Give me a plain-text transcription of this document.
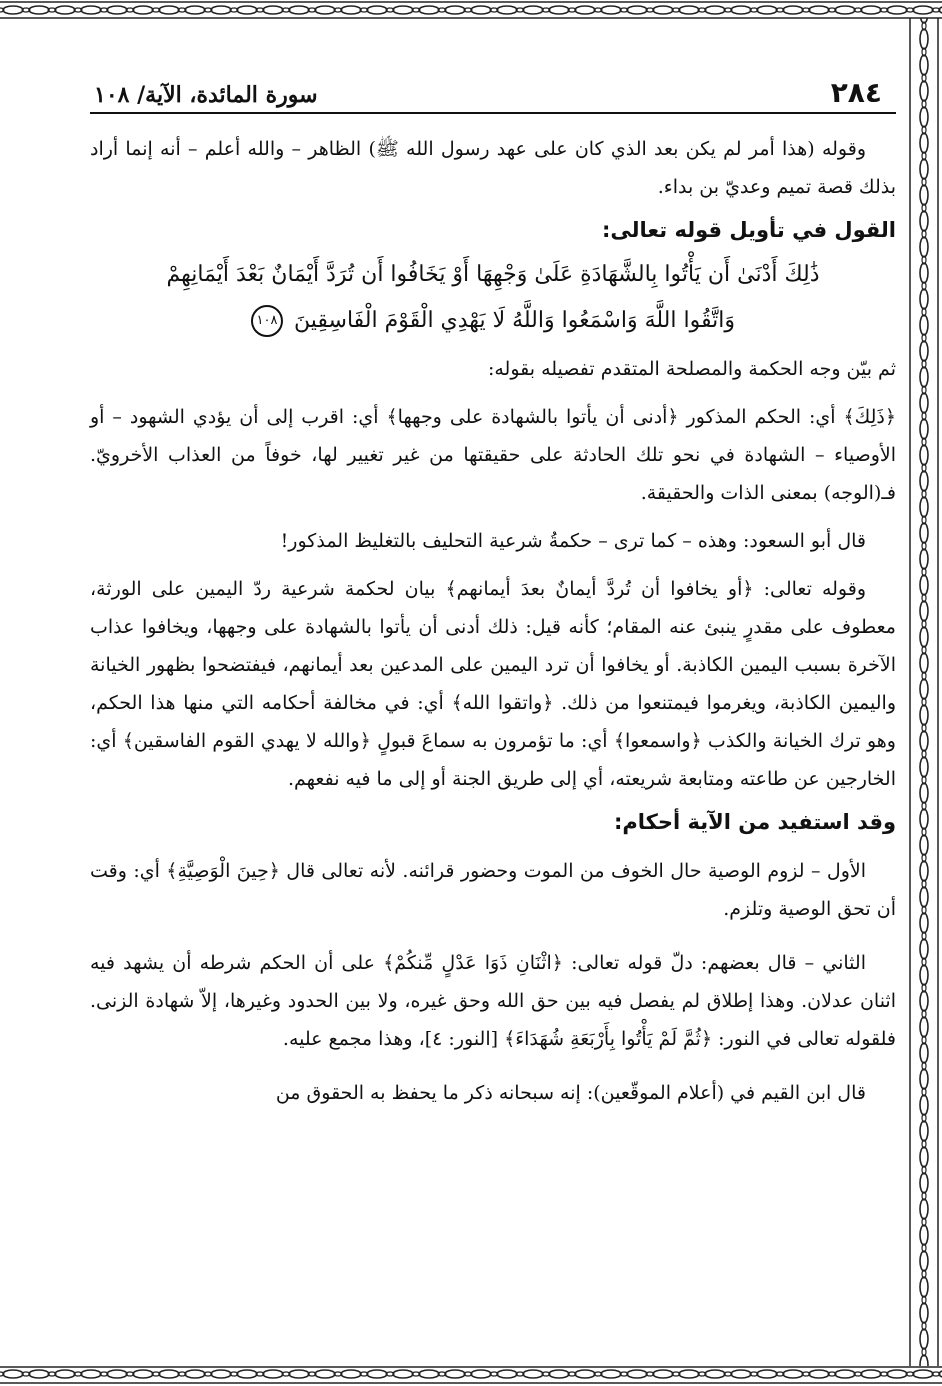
٢٨٤
سورة المائدة، الآية/ ١٠٨

وقوله (هذا أمر لم يكن بعد الذي كان على عهد رسول الله ﷺ) الظاهر – والله أعلم – أنه إنما أراد بذلك قصة تميم وعديّ بن بداء.

القول في تأويل قوله تعالى:

ذَٰلِكَ أَدْنَىٰ أَن يَأْتُوا بِالشَّهَادَةِ عَلَىٰ وَجْهِهَا أَوْ يَخَافُوا أَن تُرَدَّ أَيْمَانٌ بَعْدَ أَيْمَانِهِمْ

وَاتَّقُوا اللَّهَ وَاسْمَعُوا وَاللَّهُ لَا يَهْدِي الْقَوْمَ الْفَاسِقِينَ ١٠٨

ثم بيّن وجه الحكمة والمصلحة المتقدم تفصيله بقوله:

﴿ذَلِكَ﴾ أي: الحكم المذكور ﴿أدنى أن يأتوا بالشهادة على وجهها﴾ أي: اقرب إلى أن يؤدي الشهود – أو الأوصياء – الشهادة في نحو تلك الحادثة على حقيقتها من غير تغيير لها، خوفاً من العذاب الأخرويّ. فـ(الوجه) بمعنى الذات والحقيقة.

قال أبو السعود: وهذه – كما ترى – حكمةُ شرعية التحليف بالتغليظ المذكور!

وقوله تعالى: ﴿أو يخافوا أن تُردَّ أيمانٌ بعدَ أيمانهم﴾ بيان لحكمة شرعية ردّ اليمين على الورثة، معطوف على مقدرٍ ينبئ عنه المقام؛ كأنه قيل: ذلك أدنى أن يأتوا بالشهادة على وجهها، ويخافوا عذاب الآخرة بسبب اليمين الكاذبة. أو يخافوا أن ترد اليمين على المدعين بعد أيمانهم، فيفتضحوا بظهور الخيانة واليمين الكاذبة، ويغرموا فيمتنعوا من ذلك. ﴿واتقوا الله﴾ أي: في مخالفة أحكامه التي منها هذا الحكم، وهو ترك الخيانة والكذب ﴿واسمعوا﴾ أي: ما تؤمرون به سماعَ قبولٍ ﴿والله لا يهدي القوم الفاسقين﴾ أي: الخارجين عن طاعته ومتابعة شريعته، أي إلى طريق الجنة أو إلى ما فيه نفعهم.

وقد استفيد من الآية أحكام:

الأول – لزوم الوصية حال الخوف من الموت وحضور قرائنه. لأنه تعالى قال ﴿حِينَ الْوَصِيَّةِ﴾ أي: وقت أن تحق الوصية وتلزم.

الثاني – قال بعضهم: دلّ قوله تعالى: ﴿اثْنَانِ ذَوَا عَدْلٍ مِّنكُمْ﴾ على أن الحكم شرطه أن يشهد فيه اثنان عدلان. وهذا إطلاق لم يفصل فيه بين حق الله وحق غيره، ولا بين الحدود وغيرها، إلاّ شهادة الزنى. فلقوله تعالى في النور: ﴿ثُمَّ لَمْ يَأْتُوا بِأَرْبَعَةِ شُهَدَاءَ﴾ [النور: ٤]، وهذا مجمع عليه.

قال ابن القيم في (أعلام الموقّعين): إنه سبحانه ذكر ما يحفظ به الحقوق من
